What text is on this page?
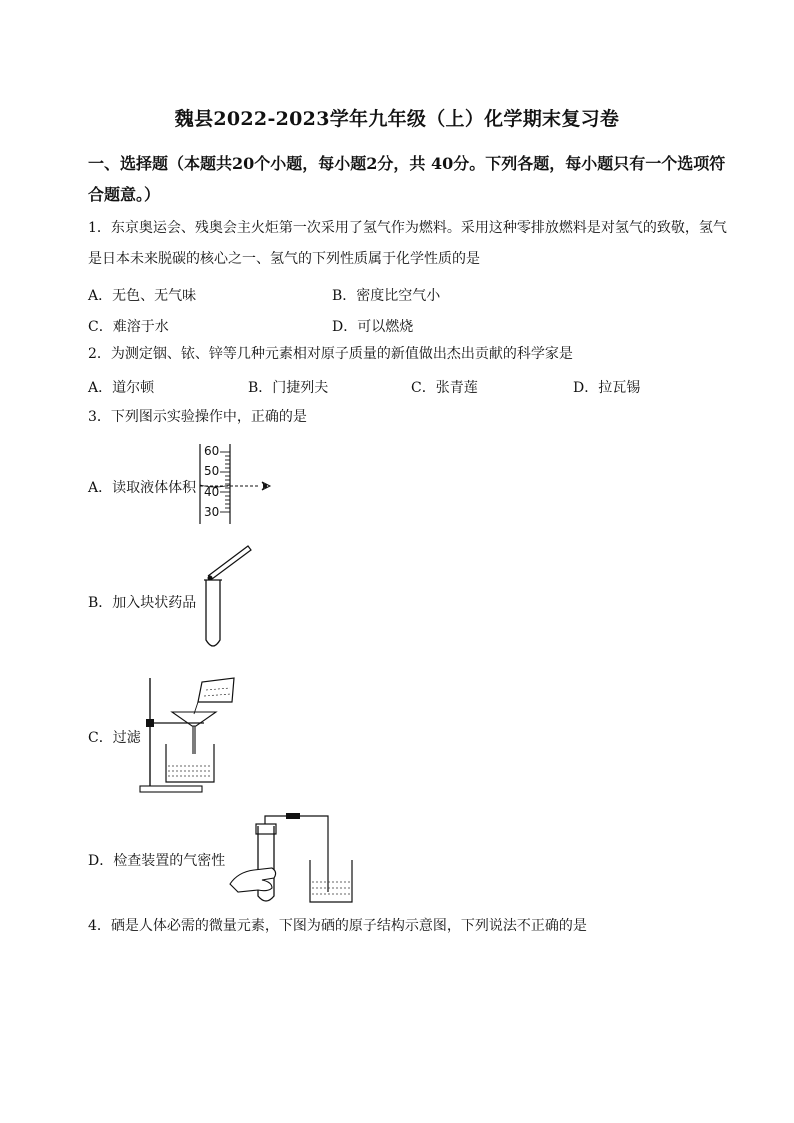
魏县2022-2023学年九年级（上）化学期末复习卷
一、选择题（本题共20个小题，每小题2分，共 40分。下列各题，每小题只有一个选项符合题意。）
1．东京奥运会、残奥会主火炬第一次采用了氢气作为燃料。采用这种零排放燃料是对氢气的致敬，氢气是日本未来脱碳的核心之一、氢气的下列性质属于化学性质的是
A．无色、无气味	B．密度比空气小
C．难溶于水	D．可以燃烧
2．为测定铟、铱、锌等几种元素相对原子质量的新值做出杰出贡献的科学家是
A．道尔顿	B．门捷列夫	C．张青莲	D．拉瓦锡
3．下列图示实验操作中，正确的是
A．读取液体体积
60
50
40
30
B．加入块状药品
C．过滤
D．检查装置的气密性
4．硒是人体必需的微量元素，下图为硒的原子结构示意图，下列说法不正确的是
